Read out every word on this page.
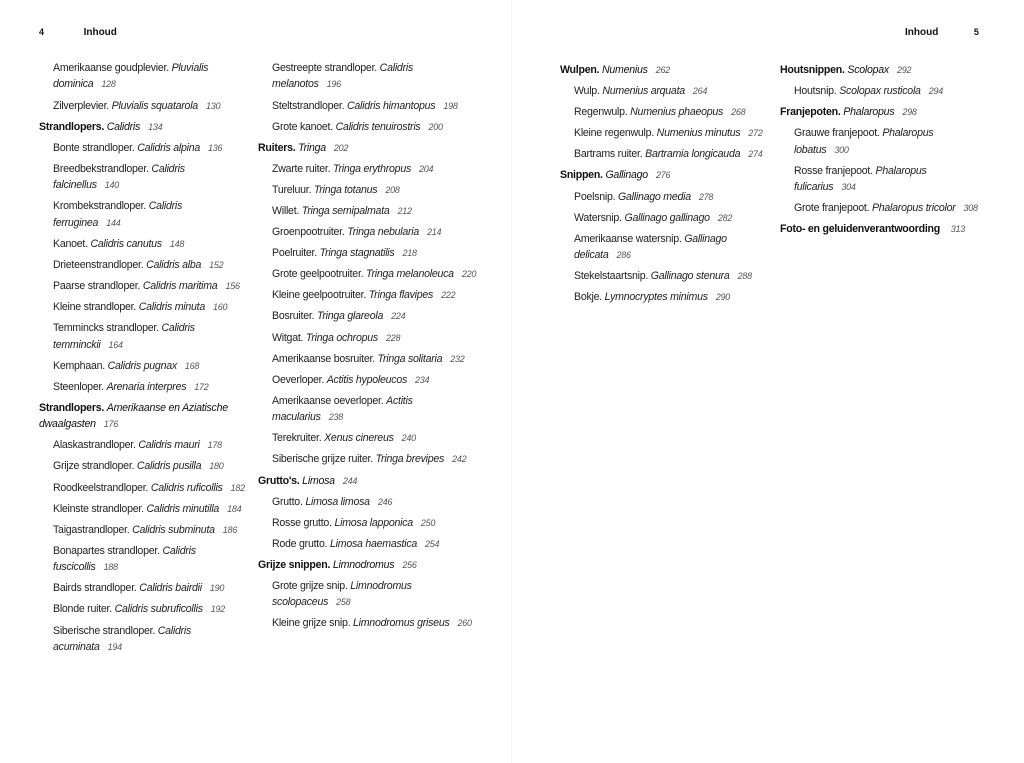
4	Inhoud	Inhoud	5
Amerikaanse goudplevier. Pluvialis dominica 128
Zilverplevier. Pluvialis squatarola 130
Strandlopers. Calidris 134
Bonte strandloper. Calidris alpina 136
Breedbekstrandloper. Calidris falcinellus 140
Krombekstrandloper. Calidris ferruginea 144
Kanoet. Calidris canutus 148
Drieteenstrandloper. Calidris alba 152
Paarse strandloper. Calidris maritima 156
Kleine strandloper. Calidris minuta 160
Temmincks strandloper. Calidris temminckii 164
Kemphaan. Calidris pugnax 168
Steenloper. Arenaria interpres 172
Strandlopers. Amerikaanse en Aziatische dwaalgasten 176
Alaskastrandloper. Calidris mauri 178
Grijze strandloper. Calidris pusilla 180
Roodkeelstrandloper. Calidris ruficollis 182
Kleinste strandloper. Calidris minutilla 184
Taigastrandloper. Calidris subminuta 186
Bonapartes strandloper. Calidris fuscicollis 188
Bairds strandloper. Calidris bairdii 190
Blonde ruiter. Calidris subruficollis 192
Siberische strandloper. Calidris acuminata 194
Gestreepte strandloper. Calidris melanotos 196
Steltstrandloper. Calidris himantopus 198
Grote kanoet. Calidris tenuirostris 200
Ruiters. Tringa 202
Zwarte ruiter. Tringa erythropus 204
Tureluur. Tringa totanus 208
Willet. Tringa semipalmata 212
Groenpootruiter. Tringa nebularia 214
Poelruiter. Tringa stagnatilis 218
Grote geelpootruiter. Tringa melanoleuca 220
Kleine geelpootruiter. Tringa flavipes 222
Bosruiter. Tringa glareola 224
Witgat. Tringa ochropus 228
Amerikaanse bosruiter. Tringa solitaria 232
Oeverloper. Actitis hypoleucos 234
Amerikaanse oeverloper. Actitis macularius 238
Terekruiter. Xenus cinereus 240
Siberische grijze ruiter. Tringa brevipes 242
Grutto's. Limosa 244
Grutto. Limosa limosa 246
Rosse grutto. Limosa lapponica 250
Rode grutto. Limosa haemastica 254
Grijze snippen. Limnodromus 256
Grote grijze snip. Limnodromus scolopaceus 258
Kleine grijze snip. Limnodromus griseus 260
Wulpen. Numenius 262
Wulp. Numenius arquata 264
Regenwulp. Numenius phaeopus 268
Kleine regenwulp. Numenius minutus 272
Bartrams ruiter. Bartramia longicauda 274
Snippen. Gallinago 276
Poelsnip. Gallinago media 278
Watersnip. Gallinago gallinago 282
Amerikaanse watersnip. Gallinago delicata 286
Stekelstaartsnip. Gallinago stenura 288
Bokje. Lymnocryptes minimus 290
Houtsnippen. Scolopax 292
Houtsnip. Scolopax rusticola 294
Franjepoten. Phalaropus 298
Grauwe franjepoot. Phalaropus lobatus 300
Rosse franjepoot. Phalaropus fulicarius 304
Grote franjepoot. Phalaropus tricolor 308
Foto- en geluidenverantwoording 313
